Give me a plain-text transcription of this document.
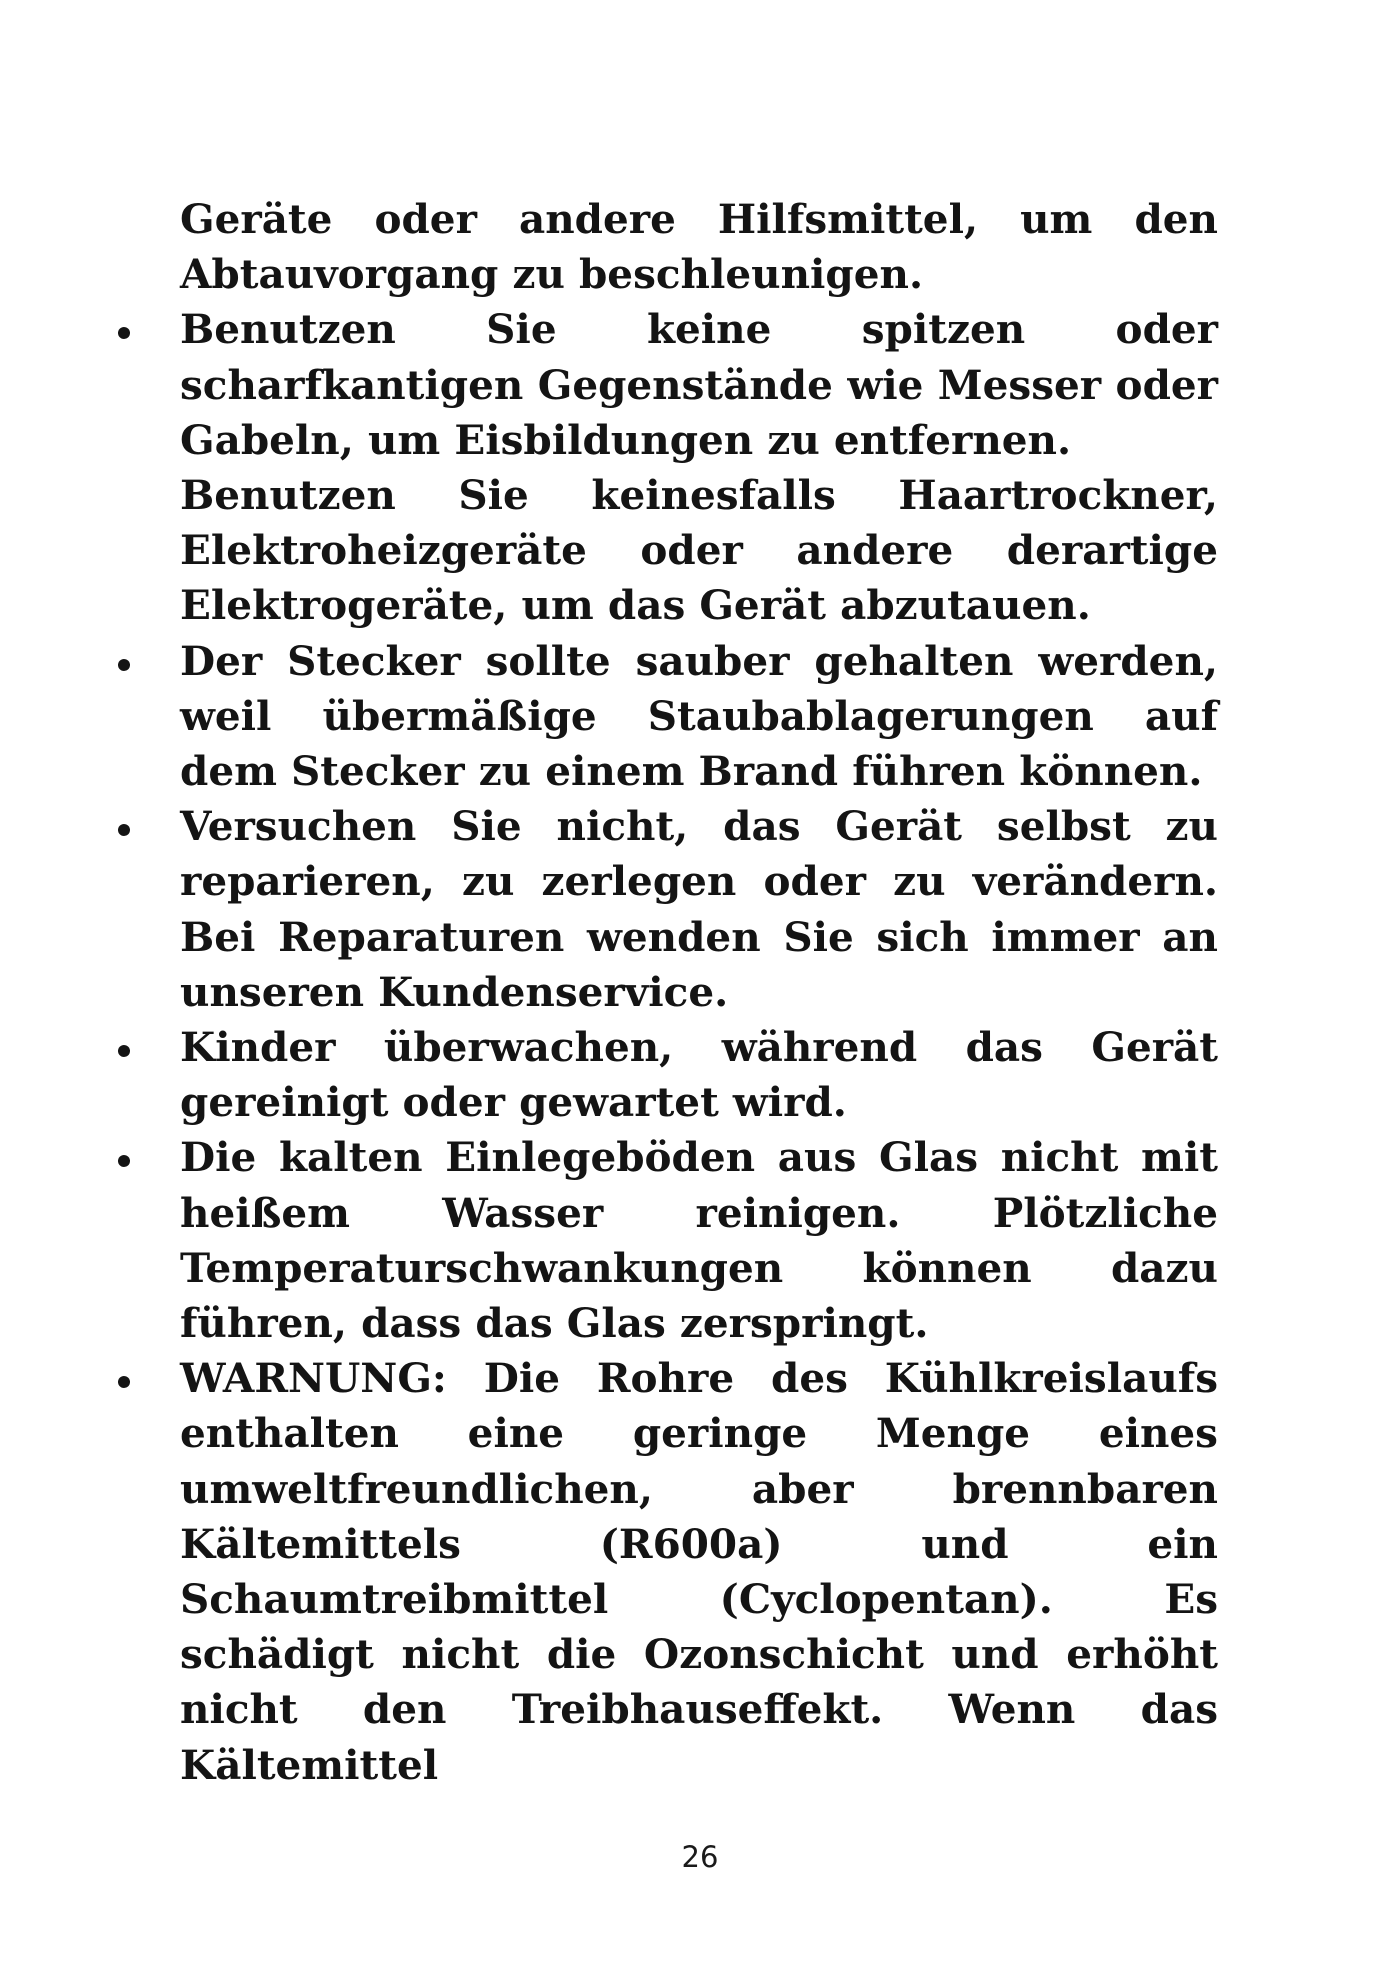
Geräte oder andere Hilfsmittel, um den Abtauvorgang zu beschleunigen.

Benutzen Sie keine spitzen oder scharfkantigen Gegenstände wie Messer oder Gabeln, um Eisbildungen zu entfernen.

Benutzen Sie keinesfalls Haartrockner, Elektroheizgeräte oder andere derartige Elektrogeräte, um das Gerät abzutauen.

Der Stecker sollte sauber gehalten werden, weil übermäßige Staubablagerungen auf dem Stecker zu einem Brand führen können.

Versuchen Sie nicht, das Gerät selbst zu reparieren, zu zerlegen oder zu verändern. Bei Reparaturen wenden Sie sich immer an unseren Kundenservice.

Kinder überwachen, während das Gerät gereinigt oder gewartet wird.

Die kalten Einlegeböden aus Glas nicht mit heißem Wasser reinigen. Plötzliche Temperaturschwankungen können dazu führen, dass das Glas zerspringt.

WARNUNG: Die Rohre des Kühlkreislaufs enthalten eine geringe Menge eines umweltfreundlichen, aber brennbaren Kältemittels (R600a) und ein Schaumtreibmittel (Cyclopentan). Es schädigt nicht die Ozonschicht und erhöht nicht den Treibhauseffekt. Wenn das Kältemittel

26
